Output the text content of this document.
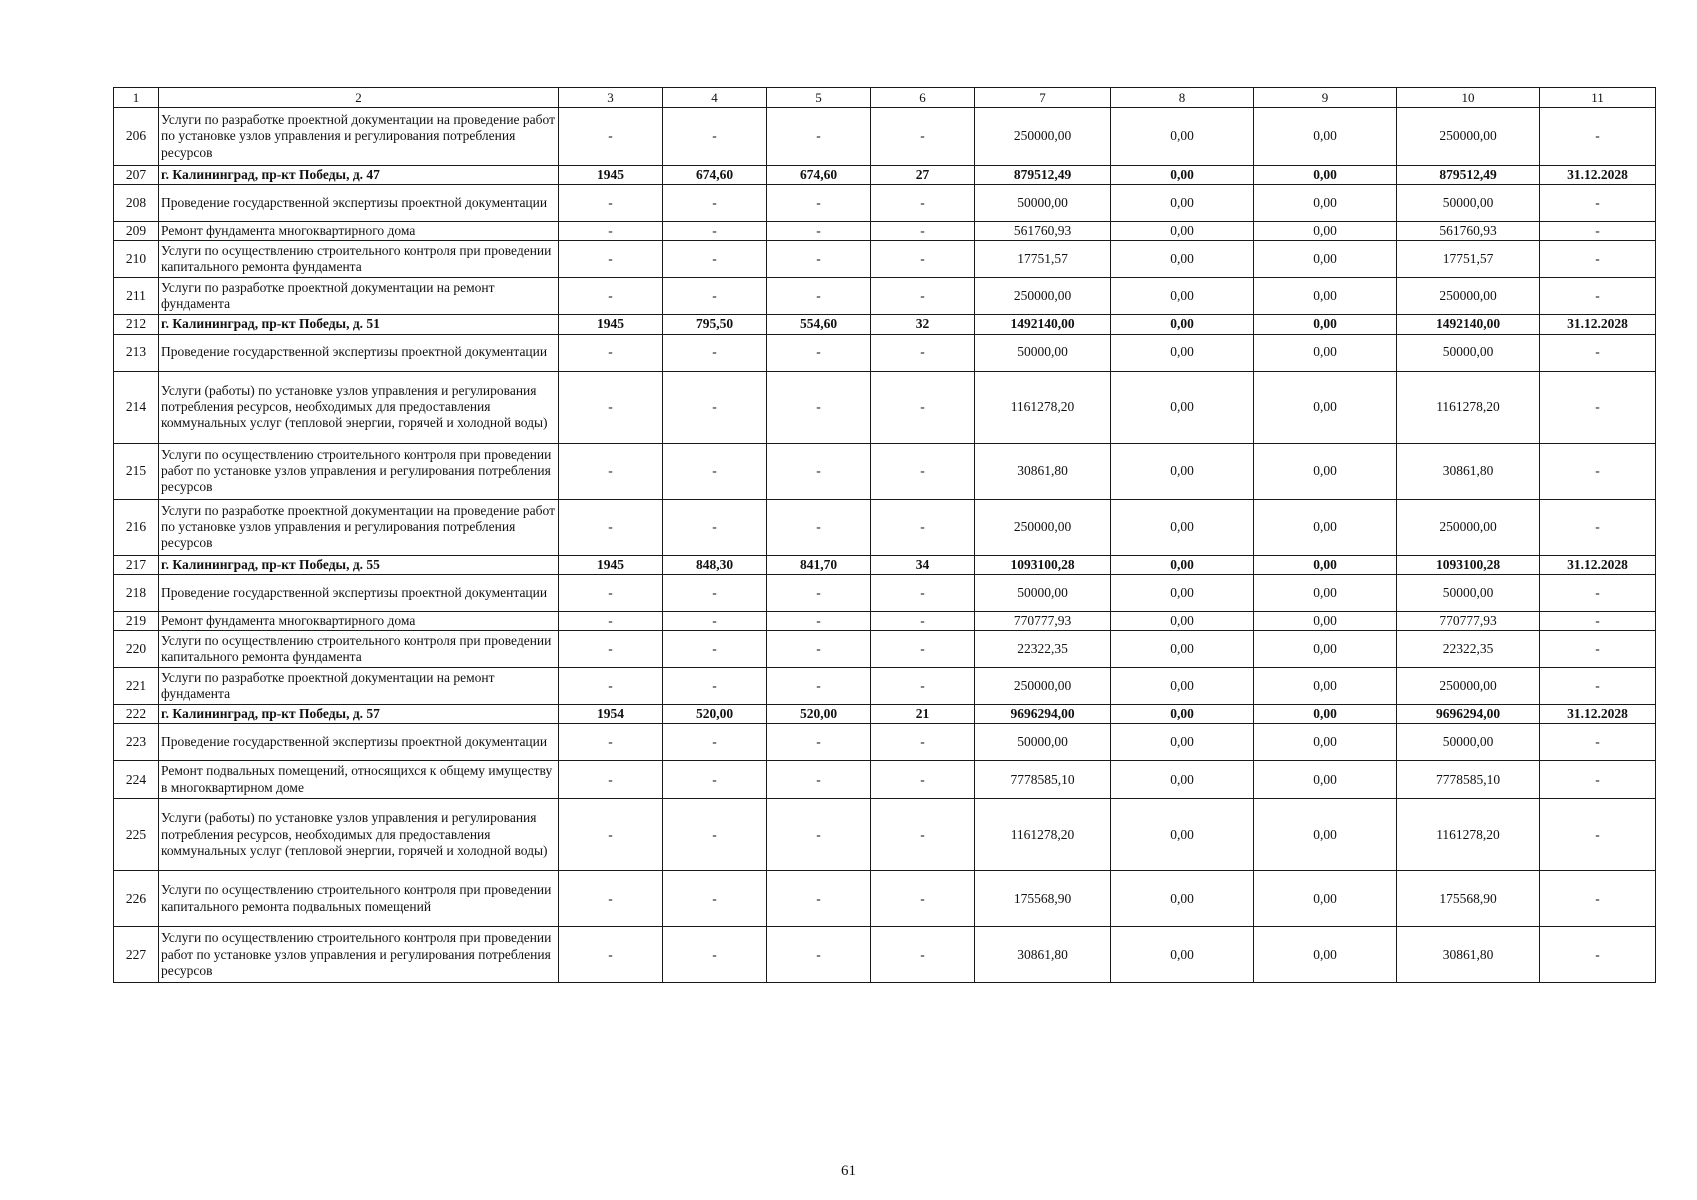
1	2	3	4	5	6	7	8	9	10	11
206	Услуги по разработке проектной документации на проведение работ по установке узлов управления и регулирования потребления ресурсов	-	-	-	-	250000,00	0,00	0,00	250000,00	-
207	г. Калининград, пр-кт Победы, д. 47	1945	674,60	674,60	27	879512,49	0,00	0,00	879512,49	31.12.2028
208	Проведение государственной экспертизы проектной документации	-	-	-	-	50000,00	0,00	0,00	50000,00	-
209	Ремонт фундамента многоквартирного дома	-	-	-	-	561760,93	0,00	0,00	561760,93	-
210	Услуги по осуществлению строительного контроля при проведении капитального ремонта фундамента	-	-	-	-	17751,57	0,00	0,00	17751,57	-
211	Услуги по разработке проектной документации на ремонт фундамента	-	-	-	-	250000,00	0,00	0,00	250000,00	-
212	г. Калининград, пр-кт Победы, д. 51	1945	795,50	554,60	32	1492140,00	0,00	0,00	1492140,00	31.12.2028
213	Проведение государственной экспертизы проектной документации	-	-	-	-	50000,00	0,00	0,00	50000,00	-
214	Услуги (работы) по установке узлов управления и регулирования потребления ресурсов, необходимых для предоставления коммунальных услуг (тепловой энергии, горячей и холодной воды)	-	-	-	-	1161278,20	0,00	0,00	1161278,20	-
215	Услуги по осуществлению строительного контроля при проведении работ по установке узлов управления и регулирования потребления ресурсов	-	-	-	-	30861,80	0,00	0,00	30861,80	-
216	Услуги по разработке проектной документации на проведение работ по установке узлов управления и регулирования потребления ресурсов	-	-	-	-	250000,00	0,00	0,00	250000,00	-
217	г. Калининград, пр-кт Победы, д. 55	1945	848,30	841,70	34	1093100,28	0,00	0,00	1093100,28	31.12.2028
218	Проведение государственной экспертизы проектной документации	-	-	-	-	50000,00	0,00	0,00	50000,00	-
219	Ремонт фундамента многоквартирного дома	-	-	-	-	770777,93	0,00	0,00	770777,93	-
220	Услуги по осуществлению строительного контроля при проведении капитального ремонта фундамента	-	-	-	-	22322,35	0,00	0,00	22322,35	-
221	Услуги по разработке проектной документации на ремонт фундамента	-	-	-	-	250000,00	0,00	0,00	250000,00	-
222	г. Калининград, пр-кт Победы, д. 57	1954	520,00	520,00	21	9696294,00	0,00	0,00	9696294,00	31.12.2028
223	Проведение государственной экспертизы проектной документации	-	-	-	-	50000,00	0,00	0,00	50000,00	-
224	Ремонт подвальных помещений, относящихся к общему имуществу в многоквартирном доме	-	-	-	-	7778585,10	0,00	0,00	7778585,10	-
225	Услуги (работы) по установке узлов управления и регулирования потребления ресурсов, необходимых для предоставления коммунальных услуг (тепловой энергии, горячей и холодной воды)	-	-	-	-	1161278,20	0,00	0,00	1161278,20	-
226	Услуги по осуществлению строительного контроля при проведении капитального ремонта подвальных помещений	-	-	-	-	175568,90	0,00	0,00	175568,90	-
227	Услуги по осуществлению строительного контроля при проведении работ по установке узлов управления и регулирования потребления ресурсов	-	-	-	-	30861,80	0,00	0,00	30861,80	-
61
